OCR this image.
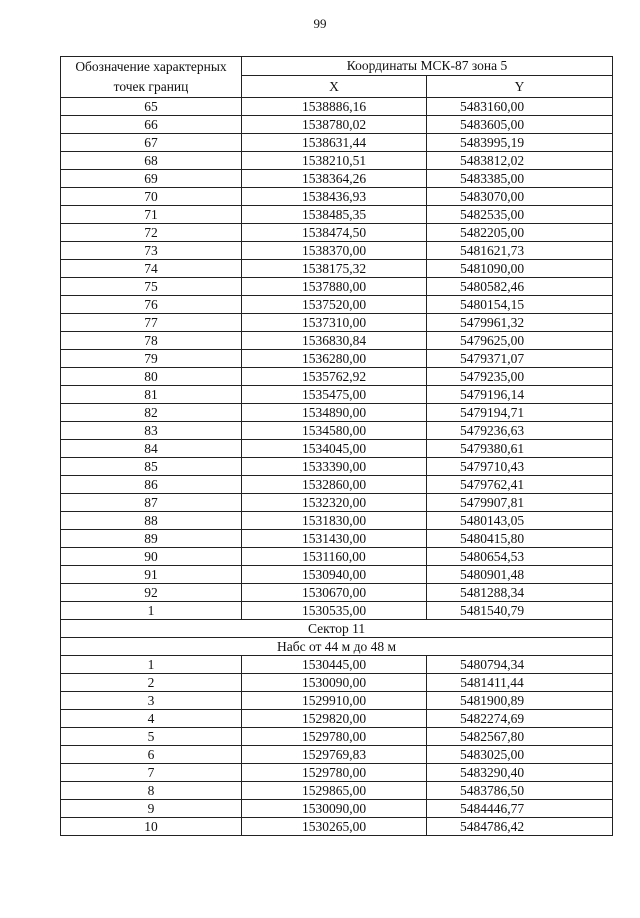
99
Обозначение характерных точек границ	Координаты МСК-87 зона 5	
	X	Y
65	1538886,16	5483160,00
66	1538780,02	5483605,00
67	1538631,44	5483995,19
68	1538210,51	5483812,02
69	1538364,26	5483385,00
70	1538436,93	5483070,00
71	1538485,35	5482535,00
72	1538474,50	5482205,00
73	1538370,00	5481621,73
74	1538175,32	5481090,00
75	1537880,00	5480582,46
76	1537520,00	5480154,15
77	1537310,00	5479961,32
78	1536830,84	5479625,00
79	1536280,00	5479371,07
80	1535762,92	5479235,00
81	1535475,00	5479196,14
82	1534890,00	5479194,71
83	1534580,00	5479236,63
84	1534045,00	5479380,61
85	1533390,00	5479710,43
86	1532860,00	5479762,41
87	1532320,00	5479907,81
88	1531830,00	5480143,05
89	1531430,00	5480415,80
90	1531160,00	5480654,53
91	1530940,00	5480901,48
92	1530670,00	5481288,34
1	1530535,00	5481540,79
Сектор 11		
Набс от 44 м до 48 м		
1	1530445,00	5480794,34
2	1530090,00	5481411,44
3	1529910,00	5481900,89
4	1529820,00	5482274,69
5	1529780,00	5482567,80
6	1529769,83	5483025,00
7	1529780,00	5483290,40
8	1529865,00	5483786,50
9	1530090,00	5484446,77
10	1530265,00	5484786,42
